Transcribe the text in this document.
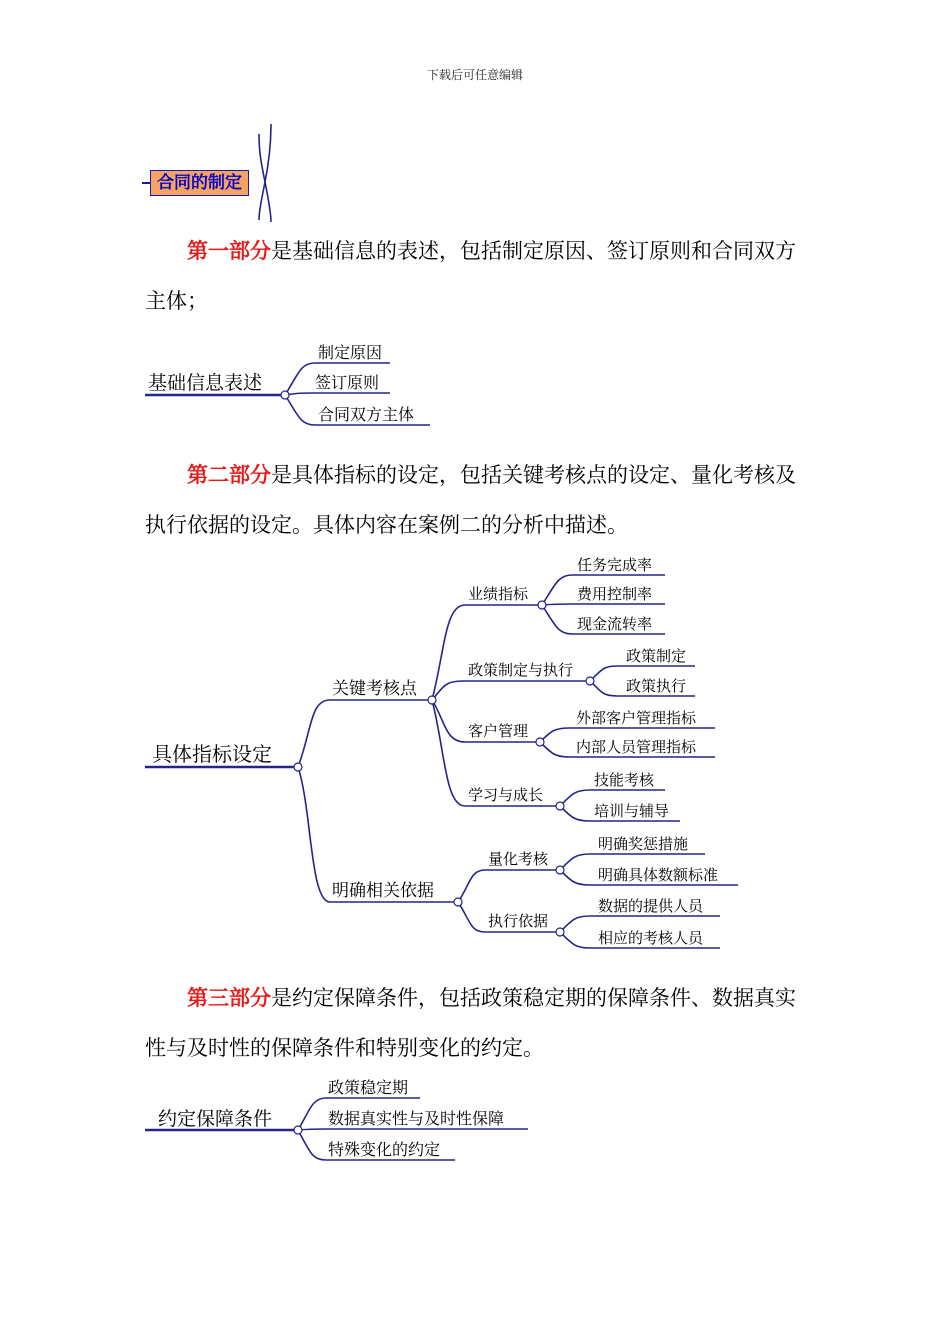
下载后可任意编辑
合同的制定

第一部分是基础信息的表述，包括制定原因、签订原则和合同双方主体；

基础信息表述
制定原因
签订原则
合同双方主体

第二部分是具体指标的设定，包括关键考核点的设定、量化考核及执行依据的设定。具体内容在案例二的分析中描述。

具体指标设定
关键考核点
明确相关依据
业绩指标
政策制定与执行
客户管理
学习与成长
量化考核
执行依据
任务完成率
费用控制率
现金流转率
政策制定
政策执行
外部客户管理指标
内部人员管理指标
技能考核
培训与辅导
明确奖惩措施
明确具体数额标准
数据的提供人员
相应的考核人员

第三部分是约定保障条件，包括政策稳定期的保障条件、数据真实性与及时性的保障条件和特别变化的约定。

约定保障条件
政策稳定期
数据真实性与及时性保障
特殊变化的约定
